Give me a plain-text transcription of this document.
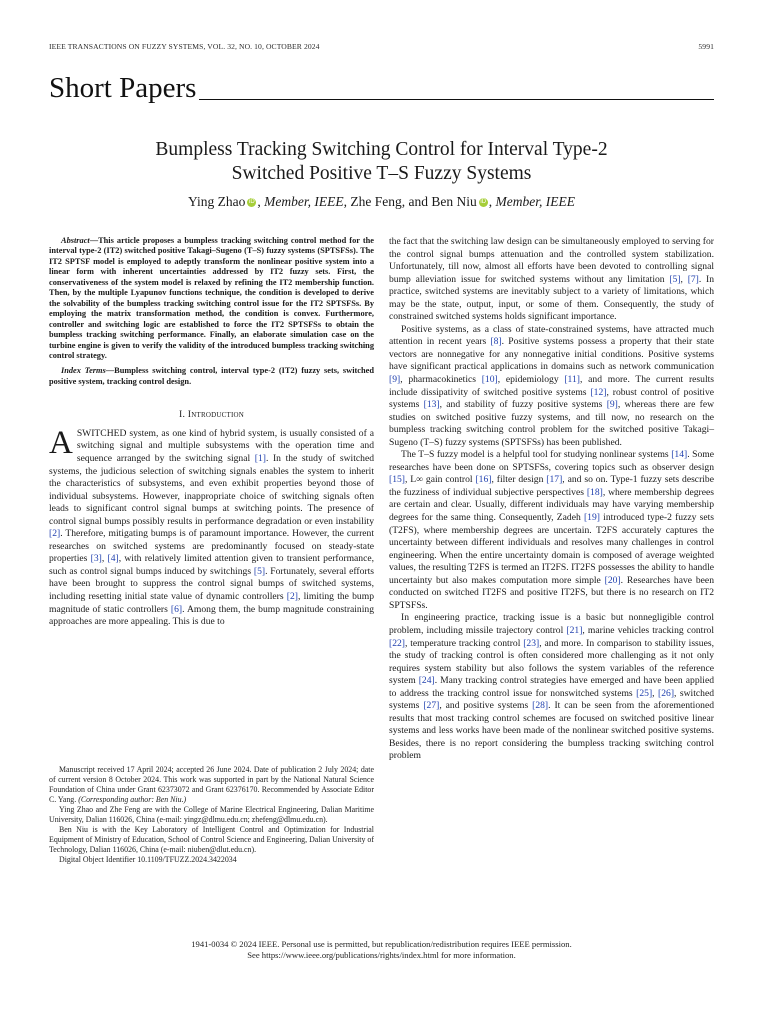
IEEE TRANSACTIONS ON FUZZY SYSTEMS, VOL. 32, NO. 10, OCTOBER 2024	5991
Short Papers
Bumpless Tracking Switching Control for Interval Type-2
Switched Positive T–S Fuzzy Systems
Ying Zhao iD , Member, IEEE, Zhe Feng, and Ben Niu iD , Member, IEEE

Abstract—This article proposes a bumpless tracking switching control method for the interval type-2 (IT2) switched positive Takagi–Sugeno (T–S) fuzzy systems (SPTSFSs). The IT2 SPTSF model is employed to adeptly transform the nonlinear positive system into a linear form with inherent uncertainties addressed by IT2 fuzzy sets. First, the conservativeness of the system model is relaxed by refining the IT2 membership function. Then, by the multiple Lyapunov functions technique, the condition is developed to derive the solvability of the bumpless tracking switching control issue for the IT2 SPTSFSs. By employing the matrix transformation method, the condition is convex. Furthermore, controller and switching logic are established to force the IT2 SPTSFSs to obtain the bumpless tracking switching performance. Finally, an elaborate simulation case on the turbine engine is given to verify the validity of the introduced bumpless tracking switching control strategy.

Index Terms—Bumpless switching control, interval type-2 (IT2) fuzzy sets, switched positive system, tracking control design.

I. Introduction

ASWITCHED system, as one kind of hybrid system, is usually consisted of a switching signal and multiple subsystems with the operation time and sequence arranged by the switching signal [1]. In the study of switched systems, the judicious selection of switching signals enables the system to inherit the characteristics of subsystems, and even exhibit properties beyond those of individual subsystems. However, inappropriate choice of switching signals often leads to significant control signal bumps at switching points. The presence of control signal bumps possibly results in performance degradation or even instability [2]. Therefore, mitigating bumps is of paramount importance. However, the current researches on switched systems are predominantly focused on steady-state properties [3], [4], with relatively limited attention given to transient performance, such as control signal bumps induced by switchings [5]. Fortunately, several efforts have been brought to suppress the control signal bumps of switched systems, including resetting initial state value of dynamic controllers [2], limiting the bump magnitude of static controllers [6]. Among them, the bump magnitude constraining approaches are more appealing. This is due to

the fact that the switching law design can be simultaneously employed to serving for the control signal bumps attenuation and the controlled system stabilization. Unfortunately, till now, almost all efforts have been devoted to controlling signal bump alleviation issue for switched systems without any limitation [5], [7]. In practice, switched systems are inevitably subject to a variety of limitations, which may be the state, output, input, or some of them. Consequently, the study of constrained switched systems holds significant importance.

Positive systems, as a class of state-constrained systems, have attracted much attention in recent years [8]. Positive systems possess a property that their state vectors are nonnegative for any nonnegative initial conditions. Positive systems have significant practical applications in domains such as network communication [9], pharmacokinetics [10], epidemiology [11], and more. The current results include dissipativity of switched positive systems [12], robust control of positive systems [13], and stability of fuzzy positive systems [9], whereas there are few studies on switched positive fuzzy systems, and till now, no research on the bumpless tracking switching control problem for the switched positive Takagi–Sugeno (T–S) fuzzy systems (SPTSFSs) has been published.

The T–S fuzzy model is a helpful tool for studying nonlinear systems [14]. Some researches have been done on SPTSFSs, covering topics such as observer design [15], L∞ gain control [16], filter design [17], and so on. Type-1 fuzzy sets describe the fuzziness of individual subjective perspectives [18], where membership degrees are certain and clear. Usually, different individuals may have varying membership degrees for the same thing. Consequently, Zadeh [19] introduced type-2 fuzzy sets (T2FS), where membership degrees are uncertain. T2FS accurately captures the uncertainty between different individuals and resolves many challenges in control engineering. When the entire uncertainty domain is composed of average weighted values, the resulting T2FS is termed an IT2FS. IT2FS possesses the ability to handle uncertainty but also makes computation more simple [20]. Researches have been conducted on switched IT2FS and positive IT2FS, but there is no research on IT2 SPTSFSs.

In engineering practice, tracking issue is a basic but nonnegligible control problem, including missile trajectory control [21], marine vehicles tracking control [22], temperature tracking control [23], and more. In comparison to stability issues, the study of tracking control is often considered more challenging as it not only requires system stability but also follows the system variables of the reference system [24]. Many tracking control strategies have emerged and have been applied to address the tracking control issue for nonswitched systems [25], [26], switched systems [27], and positive systems [28]. It can be seen from the aforementioned results that most tracking control schemes are focused on switched positive linear systems and less works have been made of the nonlinear switched positive systems. Besides, there is no report considering the bumpless tracking switching control problem

Manuscript received 17 April 2024; accepted 26 June 2024. Date of publication 2 July 2024; date of current version 8 October 2024. This work was supported in part by the National Natural Science Foundation of China under Grant 62373072 and Grant 62376170. Recommended by Associate Editor C. Yang. (Corresponding author: Ben Niu.)

Ying Zhao and Zhe Feng are with the College of Marine Electrical Engineering, Dalian Maritime University, Dalian 116026, China (e-mail: yingz@dlmu.edu.cn; zhefeng@dlmu.edu.cn).

Ben Niu is with the Key Laboratory of Intelligent Control and Optimization for Industrial Equipment of Ministry of Education, School of Control Science and Engineering, Dalian University of Technology, Dalian 116026, China (e-mail: niuben@dlut.edu.cn).

Digital Object Identifier 10.1109/TFUZZ.2024.3422034

1941-0034 © 2024 IEEE. Personal use is permitted, but republication/redistribution requires IEEE permission.
See https://www.ieee.org/publications/rights/index.html for more information.
